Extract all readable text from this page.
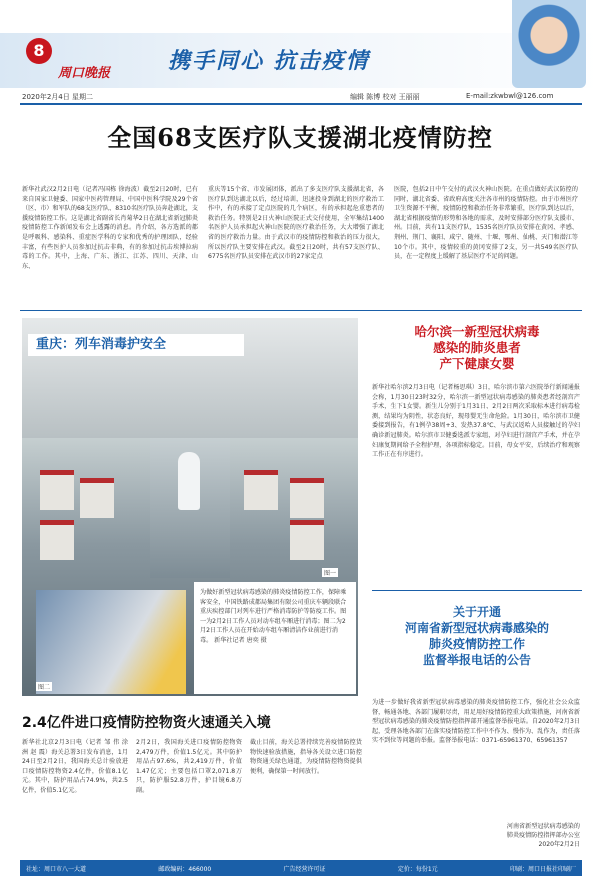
8
周口晚报	携手同心 抗击疫情
2020年2月4日 星期二	编辑 陈博 校对 王丽丽	E-mail:zkwbwl@126.com
全国68支医疗队支援湖北疫情防控
新华社武汉2月2日电（记者冯国栋 徐海波）截至2日20时，已有来自国家卫健委、国家中医药管理局、中国中医科学院及29个省（区、市）和军队的68支医疗队、8310名医疗队员奔赴湖北，支援疫情防控工作。这是湖北省副省长肖菊华2日在湖北省新冠肺炎疫情防控工作新闻发布会上透露的消息。肖介绍，各方选派的都是呼吸科、感染科、重症医学科的专家和优秀的护理团队，经验丰富，有些医护人员参加过抗击非典，有的参加过抗击埃博拉病毒的工作。其中，上海、广东、浙江、江苏、四川、天津、山东、
重庆等15个省、市发展团体，派出了多支医疗队支援湖北省，各医疗队到达湖北以后，经过培训，迅速投身到湖北的医疗救治工作中，有的承接了定点医院的几个病区，有的承担起危重患者的救治任务。特别是2日火神山医院正式交付使用，全军集结1400名医护人员承担起火神山医院的医疗救治任务，大大增强了湖北省的医疗救治力量。由于武汉市的疫情防控和救治的压力很大，所以医疗队主要安排在武汉。截至2日20时，共有57支医疗队、6775名医疗队员安排在武汉市的27家定点
医院，包括2日中午交付的武汉火神山医院。在重点做好武汉防控的同时，湖北省委、省政府高度关注各市州的疫情防控。由于市州医疗卫生资源不平衡，疫情防控和救治任务非常繁重，医疗队到达以后，湖北省根据疫情的形势和各地的需求，及时安排部分医疗队支援市、州。目前，共有11支医疗队，1535名医疗队员安排在黄冈、孝感、荆州、荆门、襄阳、咸宁、随州、十堰、鄂州、仙桃、天门和潜江等10个市。其中，疫情较重的黄冈安排了2支，另一共549名医疗队员，在一定程度上缓解了基层医疗不足的问题。
重庆：列车消毒护安全
图一
图二
为做好新型冠状病毒感染的肺炎疫情防控工作，保障乘客安全，中国铁路成都局集团有限公司重庆车辆段联合重庆疾控部门对列车进行严格消毒防护等防疫工作。图一为2月2日工作人员对动车组车厢进行消毒；图二为2月2日工作人员在开始动车组车厢清洁作业前进行消毒。 新华社记者 唐奕 摄
哈尔滨一新型冠状病毒
感染的肺炎患者
产下健康女婴
新华社哈尔滨2月3日电（记者杨思琪）3日，哈尔滨市第六医院举行新闻通报会称，1月30日23时32分，哈尔滨一新型冠状病毒感染的肺炎患者经剖宫产手术，生下1女婴。新生儿分别于1月31日、2月2日两次采取标本进行病毒检测，结果均为阴性，状态良好，现母婴无生命危险。1月30日，哈尔滨市卫健委接到报告，有1例孕38周+3、发热37.8℃、与武汉返哈人员接触过的孕妇确诊新冠肺炎。哈尔滨市卫健委选派专家组，对孕妇进行剖宫产手术，并在孕妇康复期间给予全程护理，各项指标稳定。目前，母女平安，后续治疗和观察工作正在有序进行。
关于开通
河南省新型冠状病毒感染的
肺炎疫情防控工作
监督举报电话的公告
为进一步做好我省新型冠状病毒感染的肺炎疫情防控工作，强化社会公众监督，畅通各地、各部门履职尽责，用足用好疫情防控重大政策措施，河南省新型冠状病毒感染的肺炎疫情防控指挥部开通监督举报电话。自2020年2月3日起，受理各地各部门在落实疫情防控工作中不作为、慢作为、乱作为，责任落实不到位等问题的举报。监督举报电话：0371-65961370、65961357
河南省新型冠状病毒感染的
肺炎疫情防控指挥部办公室
2020年2月2日
2.4亿件进口疫情防控物资火速通关入境
新华社北京2月3日电（记者 邹 伟 涂 洲 赵 震）海关总署3日发布消息，1月24日至2月2日，我国海关总计验放进口疫情防控物资2.4亿件，价值8.1亿元。其中，防护用品占74.9%，共2.5亿件，价值5.1亿元。
2月2日，我国海关进口疫情防控物资2,479万件，价值1.5亿元。其中防护用品占97.6%，共2,419万件，价值1.47亿元；主要包括口罩2,071.8万只，防护服52.8万件，护目镜6.8万副。
截止目前，海关总署持续完善疫情防控货物快速验放措施，指导各关设立进口防控物资通关绿色通道，为疫情防控物资提供便利，确保第一时间放行。
社址：周口市八一大道	邮政编码：466000	广告经营许可证	定价：每份1元	印刷：周口日报社印刷厂
